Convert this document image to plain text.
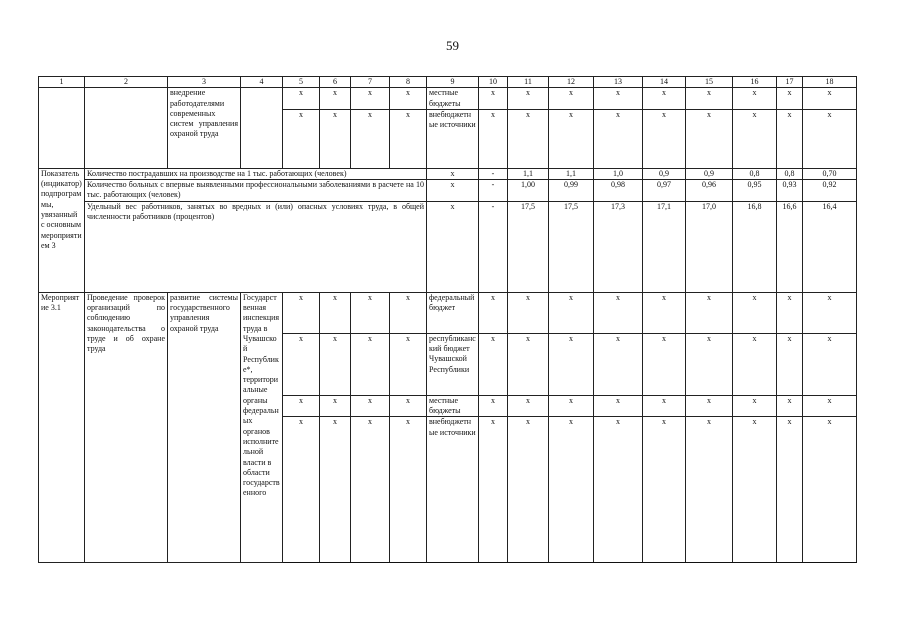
59
1	2	3	4	5	6	7	8	9	10	11	12	13	14	15	16	17	18	
		внедрение работодателями современных систем управления охраной труда		х	х	х	х	местные бюджеты	х	х	х	х	х	х	х	х	х	
				х	х	х	х	внебюджетные источники	х	х	х	х	х	х	х	х	х	
Показатель (индикатор) подпрограммы, увязанный с основным мероприятием 3	Количество пострадавших на производстве на 1 тыс. работающих (человек)							х	-	1,1	1,1	1,0	0,9	0,9	0,8	0,8	0,70	
	Количество больных с впервые выявленными профессиональными заболеваниями в расчете на 10 тыс. работающих (человек)							х	-	1,00	0,99	0,98	0,97	0,96	0,95	0,93	0,92	
	Удельный вес работников, занятых во вредных и (или) опасных условиях труда, в общей численности работников (процентов)							х	-	17,5	17,5	17,3	17,1	17,0	16,8	16,6	16,4	
Мероприятие 3.1	Проведение проверок организаций по соблюдению законодательства о труде и об охране труда	развитие системы государственного управления охраной труда	Государственная инспекция труда в Чувашской Республике*, территориальные органы федеральных органов исполнительной власти в области государственного	х	х	х	х	федеральный бюджет	х	х	х	х	х	х	х	х	х	
				х	х	х	х	республиканский бюджет Чувашской Республики	х	х	х	х	х	х	х	х	х	
				х	х	х	х	местные бюджеты	х	х	х	х	х	х	х	х	х	
				х	х	х	х	внебюджетные источники	х	х	х	х	х	х	х	х	х	
